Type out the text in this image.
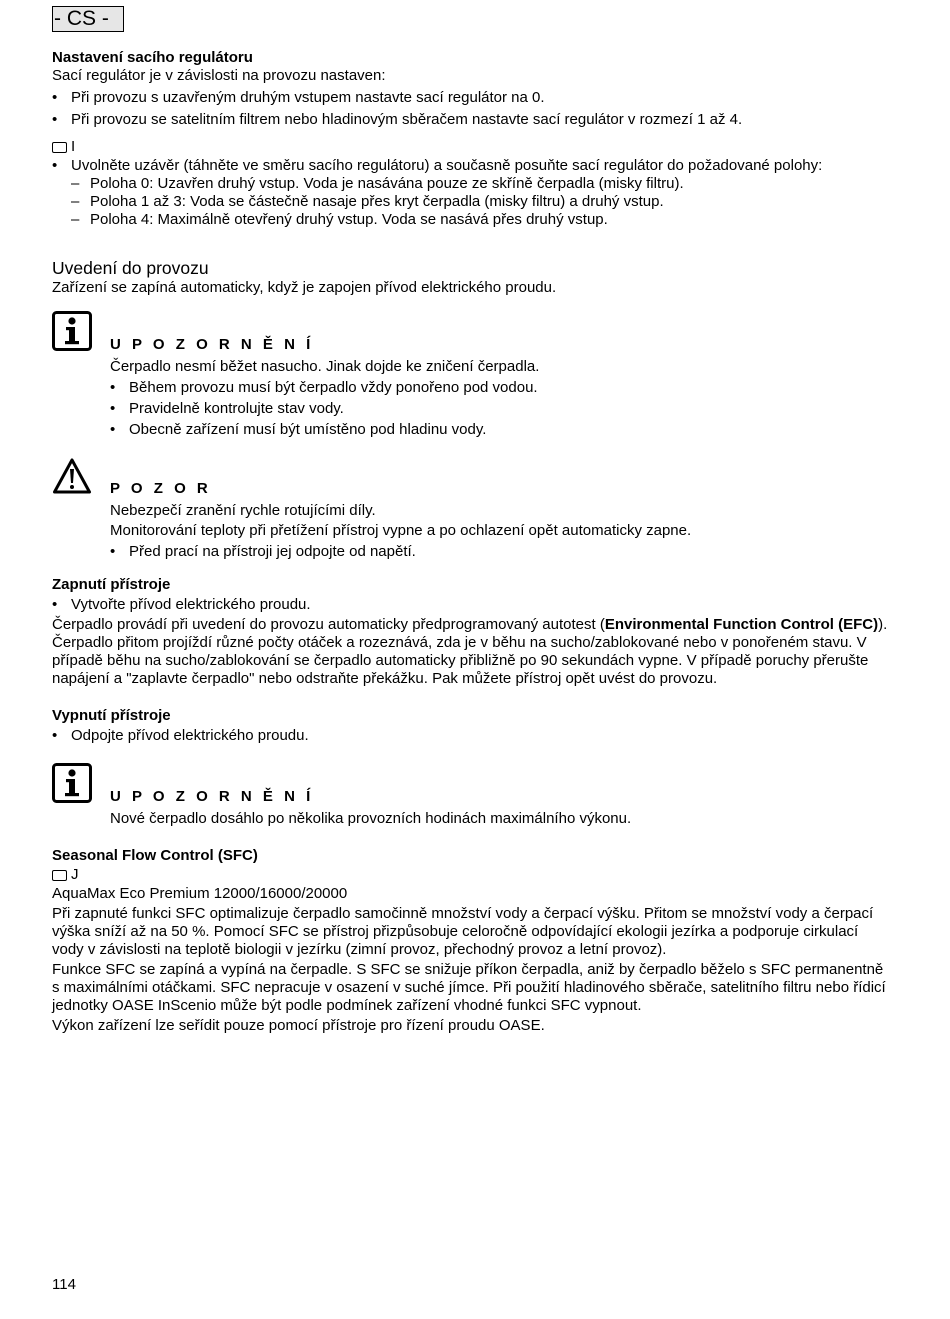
- CS -
Nastavení sacího regulátoru

Sací regulátor je v závislosti na provozu nastaven:

• Při provozu s uzavřeným druhým vstupem nastavte sací regulátor na 0.

• Při provozu se satelitním filtrem nebo hladinovým sběračem nastavte sací regulátor v rozmezí 1 až 4.

I

• Uvolněte uzávěr (táhněte ve směru sacího regulátoru) a současně posuňte sací regulátor do požadované polohy:

– Poloha 0: Uzavřen druhý vstup. Voda je nasávána pouze ze skříně čerpadla (misky filtru).

– Poloha 1 až 3: Voda se částečně nasaje přes kryt čerpadla (misky filtru) a druhý vstup.

– Poloha 4: Maximálně otevřený druhý vstup. Voda se nasává přes druhý vstup.

Uvedení do provozu

Zařízení se zapíná automaticky, když je zapojen přívod elektrického proudu.

U P O Z O R N Ě N Í

Čerpadlo nesmí běžet nasucho. Jinak dojde ke zničení čerpadla.

• Během provozu musí být čerpadlo vždy ponořeno pod vodou.

• Pravidelně kontrolujte stav vody.

• Obecně zařízení musí být umístěno pod hladinu vody.

P O Z O R

Nebezpečí zranění rychle rotujícími díly.

Monitorování teploty při přetížení přístroj vypne a po ochlazení opět automaticky zapne.

• Před prací na přístroji jej odpojte od napětí.

Zapnutí přístroje

• Vytvořte přívod elektrického proudu.

Čerpadlo provádí při uvedení do provozu automaticky předprogramovaný autotest (Environmental Function Control (EFC)). Čerpadlo přitom projíždí různé počty otáček a rozeznává, zda je v běhu na sucho/zablokované nebo v ponořeném stavu. V případě běhu na sucho/zablokování se čerpadlo automaticky přibližně po 90 sekundách vypne. V případě poruchy přerušte napájení a "zaplavte čerpadlo" nebo odstraňte překážku. Pak můžete přístroj opět uvést do provozu.

Vypnutí přístroje

• Odpojte přívod elektrického proudu.

U P O Z O R N Ě N Í

Nové čerpadlo dosáhlo po několika provozních hodinách maximálního výkonu.

Seasonal Flow Control (SFC)
J

AquaMax Eco Premium 12000/16000/20000

Při zapnuté funkci SFC optimalizuje čerpadlo samočinně množství vody a čerpací výšku. Přitom se množství vody a čerpací výška sníží až na 50 %. Pomocí SFC se přístroj přizpůsobuje celoročně odpovídající ekologii jezírka a podporuje cirkulací vody v závislosti na teplotě biologii v jezírku (zimní provoz, přechodný provoz a letní provoz).

Funkce SFC se zapíná a vypíná na čerpadle. S SFC se snižuje příkon čerpadla, aniž by čerpadlo běželo s SFC permanentně s maximálními otáčkami. SFC nepracuje v osazení v suché jímce. Při použití hladinového sběrače, satelitního filtru nebo řídicí jednotky OASE InScenio může být podle podmínek zařízení vhodné funkci SFC vypnout.

Výkon zařízení lze seřídit pouze pomocí přístroje pro řízení proudu OASE.

114
